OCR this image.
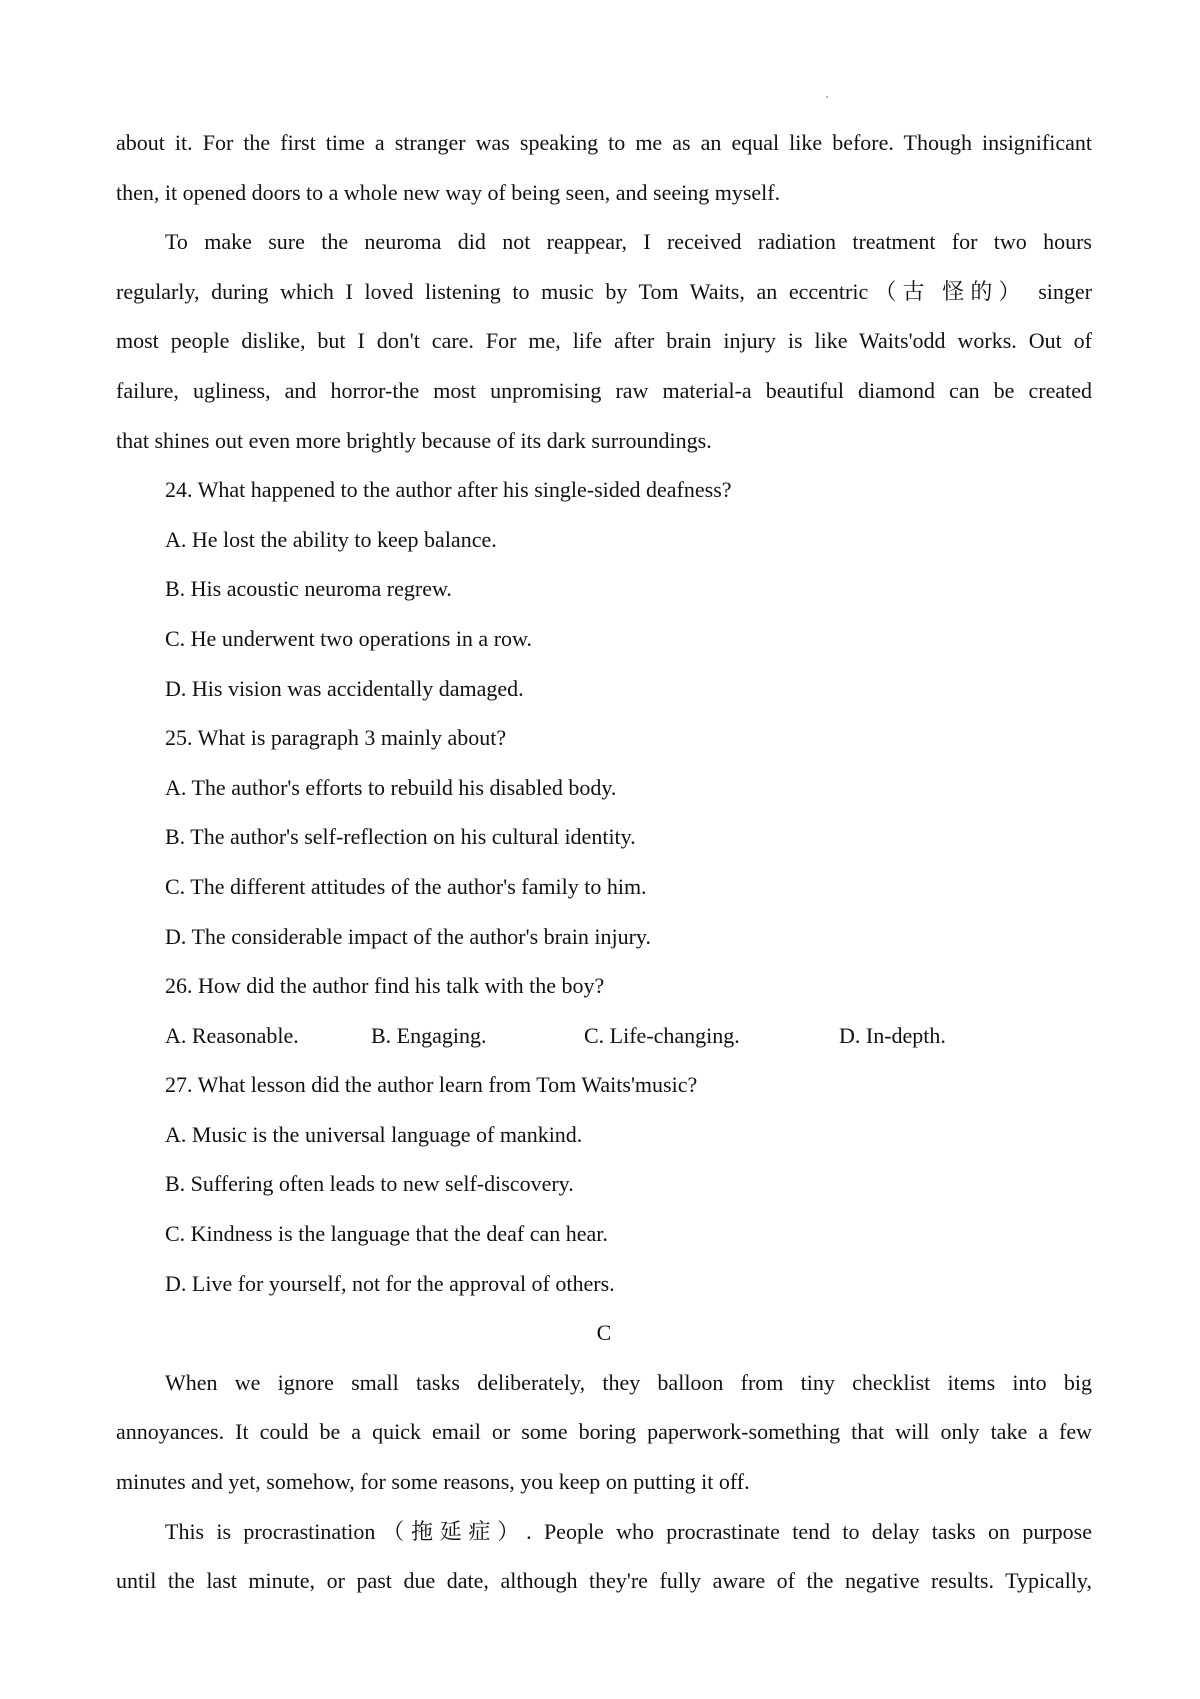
about it. For the first time a stranger was speaking to me as an equal like before. Though insignificant
then, it opened doors to a whole new way of being seen, and seeing myself.
To make sure the neuroma did not reappear, I received radiation treatment for two hours
regularly, during which I loved listening to music by Tom Waits, an eccentric（古 怪的） singer
most people dislike, but I don't care. For me, life after brain injury is like Waits'odd works. Out of
failure, ugliness, and horror-the most unpromising raw material-a beautiful diamond can be created
that shines out even more brightly because of its dark surroundings.
24. What happened to the author after his single-sided deafness?
A. He lost the ability to keep balance.
B. His acoustic neuroma regrew.
C. He underwent two operations in a row.
D. His vision was accidentally damaged.
25. What is paragraph 3 mainly about?
A. The author's efforts to rebuild his disabled body.
B. The author's self-reflection on his cultural identity.
C. The different attitudes of the author's family to him.
D. The considerable impact of the author's brain injury.
26. How did the author find his talk with the boy?
A. Reasonable.	B. Engaging.	C. Life-changing.	D. In-depth.
27. What lesson did the author learn from Tom Waits'music?
A. Music is the universal language of mankind.
B. Suffering often leads to new self-discovery.
C. Kindness is the language that the deaf can hear.
D. Live for yourself, not for the approval of others.
C
When we ignore small tasks deliberately, they balloon from tiny checklist items into big
annoyances. It could be a quick email or some boring paperwork-something that will only take a few
minutes and yet, somehow, for some reasons, you keep on putting it off.
This is procrastination（拖延症）. People who procrastinate tend to delay tasks on purpose
until the last minute, or past due date, although they're fully aware of the negative results. Typically,
